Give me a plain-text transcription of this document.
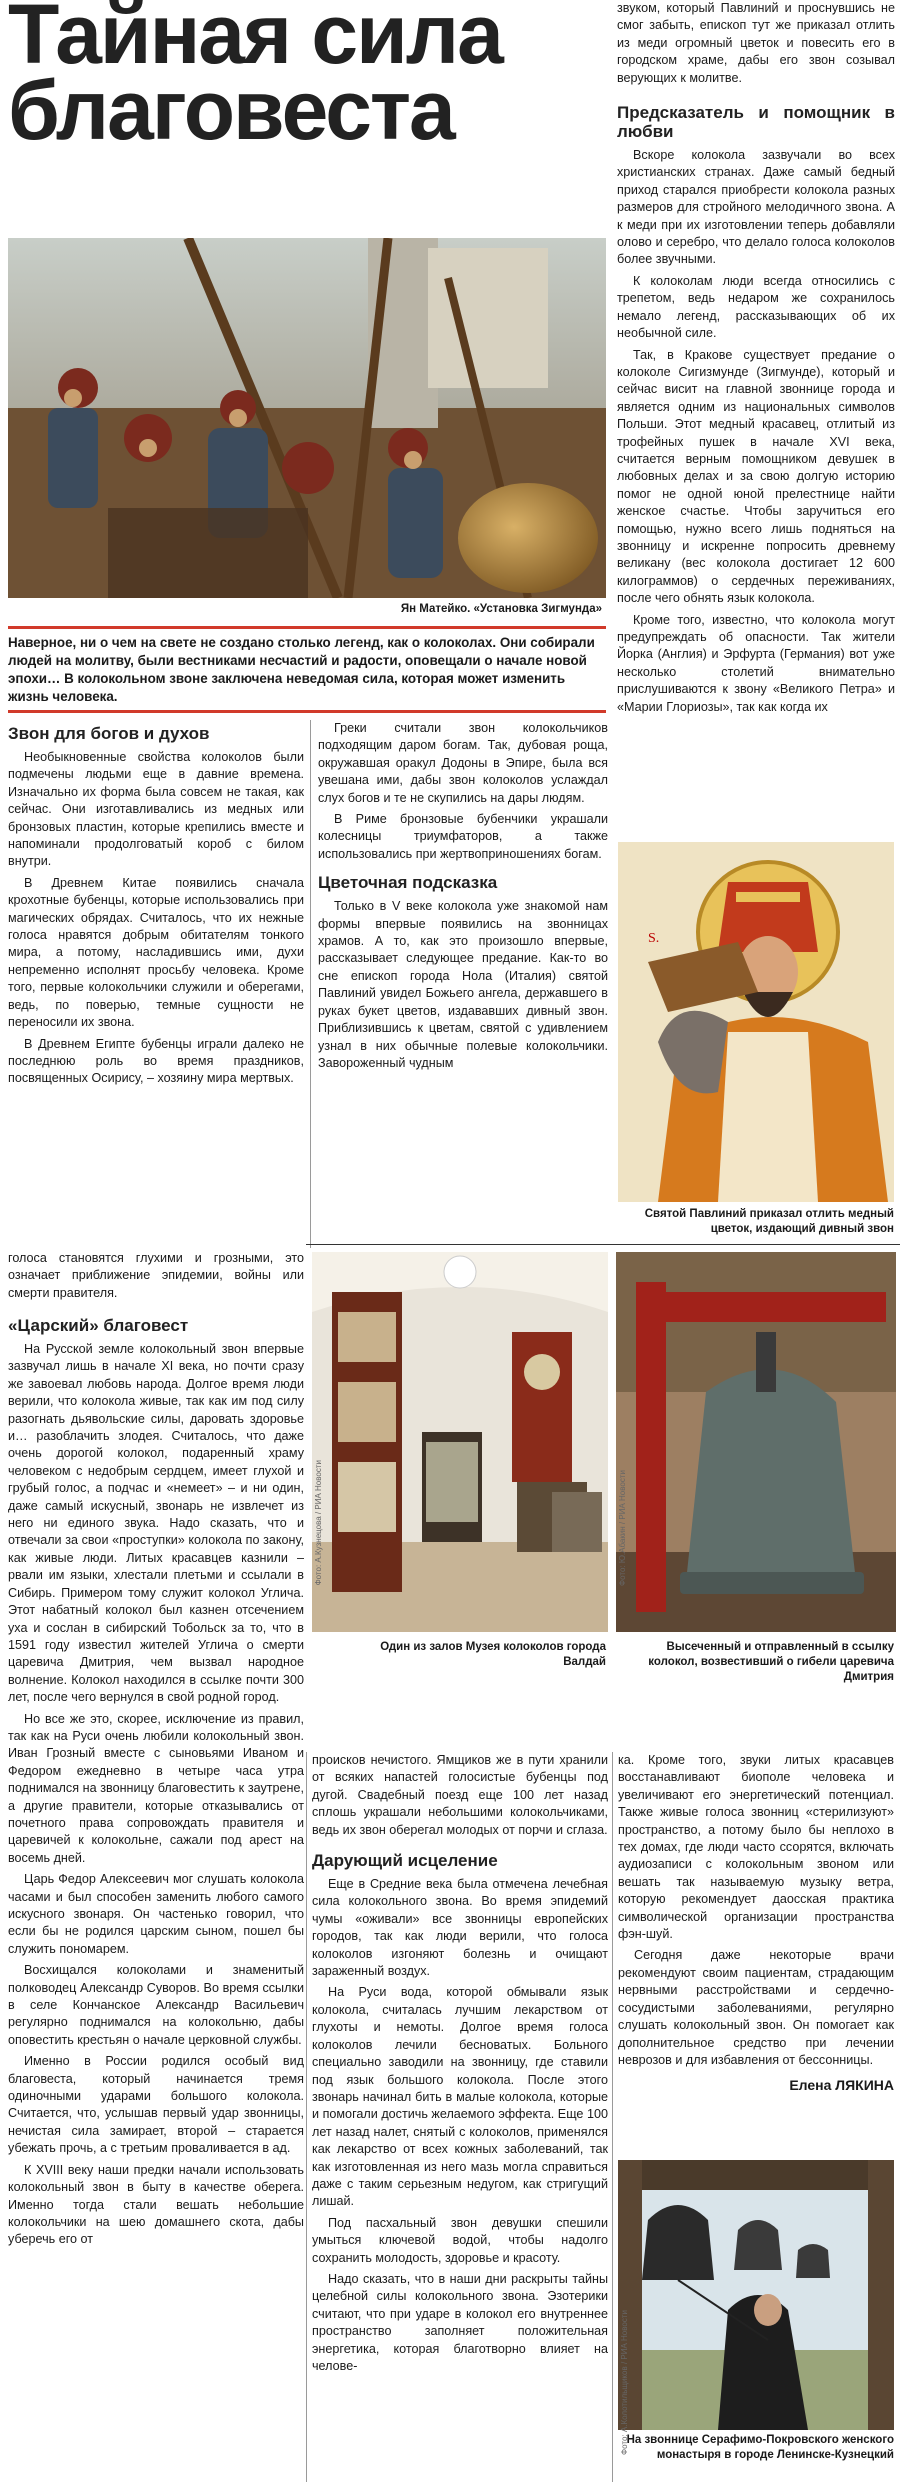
Тайная сила
благовеста

звуком, который Павлиний и проснувшись не смог забыть, епископ тут же приказал отлить из меди огромный цветок и повесить его в городском храме, дабы его звон созывал верующих к молитве.

Предсказатель и помощник в любви

Вскоре колокола зазвучали во всех христианских странах. Даже самый бедный приход старался приобрести колокола разных размеров для стройного мелодичного звона. А к меди при их изготовлении теперь добавляли олово и серебро, что делало голоса колоколов более звучными.

К колоколам люди всегда относились с трепетом, ведь недаром же сохранилось немало легенд, рассказывающих об их необычной силе.

Так, в Кракове существует предание о колоколе Сигизмунде (Зигмунде), который и сейчас висит на главной звоннице города и является одним из национальных символов Польши. Этот медный красавец, отлитый из трофейных пушек в начале XVI века, считается верным помощником девушек в любовных делах и за свою долгую историю помог не одной юной прелестнице найти женское счастье. Чтобы заручиться его помощью, нужно всего лишь подняться на звонницу и искренне попросить древнему великану (вес колокола достигает 12 600 килограммов) о сердечных переживаниях, после чего обнять язык колокола.

Кроме того, известно, что колокола могут предупреждать об опасности. Так жители Йорка (Англия) и Эрфурта (Германия) вот уже несколько столетий внимательно прислушиваются к звону «Великого Петра» и «Марии Глориозы», так как когда их

Ян Матейко. «Установка Зигмунда»
Наверное, ни о чем на свете не создано столько легенд, как о колоколах. Они собирали людей на молитву, были вестниками несчастий и радости, оповещали о начале новой эпохи… В колокольном звоне заключена неведомая сила, которая может изменить жизнь человека.
Звон для богов и духов

Необыкновенные свойства колоколов были подмечены людьми еще в давние времена. Изначально их форма была совсем не такая, как сейчас. Они изготавливались из медных или бронзовых пластин, которые крепились вместе и напоминали продолговатый короб с билом внутри.

В Древнем Китае появились сначала крохотные бубенцы, которые использовались при магических обрядах. Считалось, что их нежные голоса нравятся добрым обитателям тонкого мира, а потому, насладившись ими, духи непременно исполнят просьбу человека. Кроме того, первые колокольчики служили и оберегами, ведь, по поверью, темные сущности не переносили их звона.

В Древнем Египте бубенцы играли далеко не последнюю роль во время праздников, посвященных Осирису, – хозяину мира мертвых.

голоса становятся глухими и грозными, это означает приближение эпидемии, войны или смерти правителя.

Греки считали звон колокольчиков подходящим даром богам. Так, дубовая роща, окружавшая оракул Додоны в Эпире, была вся увешана ими, дабы звон колоколов услаждал слух богов и те не скупились на дары людям.

В Риме бронзовые бубенчики украшали колесницы триумфаторов, а также использовались при жертвоприношениях богам.

Цветочная подсказка

Только в V веке колокола уже знакомой нам формы впервые появились на звонницах храмов. А то, как это произошло впервые, рассказывает следующее предание. Как-то во сне епископ города Нола (Италия) святой Павлиний увидел Божьего ангела, державшего в руках букет цветов, издававших дивный звон. Приблизившись к цветам, святой с удивлением узнал в них обычные полевые колокольчики. Завороженный чудным

S.
Святой Павлиний приказал отлить медный цветок, издающий дивный звон
«Царский» благовест

На Русской земле колокольный звон впервые зазвучал лишь в начале XI века, но почти сразу же завоевал любовь народа. Долгое время люди верили, что колокола живые, так как им под силу разогнать дьявольские силы, даровать здоровье и… разоблачить злодея. Считалось, что даже очень дорогой колокол, подаренный храму человеком с недобрым сердцем, имеет глухой и грубый голос, а подчас и «немеет» – и ни один, даже самый искусный, звонарь не извлечет из него ни единого звука. Надо сказать, что и отвечали за свои «проступки» колокола по закону, как живые люди. Литых красавцев казнили – рвали им языки, хлестали плетьми и ссылали в Сибирь. Примером тому служит колокол Углича. Этот набатный колокол был казнен отсечением уха и сослан в сибирский Тобольск за то, что в 1591 году известил жителей Углича о смерти царевича Дмитрия, чем вызвал народное волнение. Колокол находился в ссылке почти 300 лет, после чего вернулся в свой родной город.

Но все же это, скорее, исключение из правил, так как на Руси очень любили колокольный звон. Иван Грозный вместе с сыновьями Иваном и Федором ежедневно в четыре часа утра поднимался на звонницу благовестить к заутрене, а другие правители, которые отказывались от почетного права сопровождать правителя и царевичей к колокольне, сажали под арест на восемь дней.

Царь Федор Алексеевич мог слушать колокола часами и был способен заменить любого самого искусного звонаря. Он частенько говорил, что если бы не родился царским сыном, пошел бы служить пономарем.

Восхищался колоколами и знаменитый полководец Александр Суворов. Во время ссылки в селе Кончанское Александр Васильевич регулярно поднимался на колокольню, дабы оповестить крестьян о начале церковной службы.

Именно в России родился особый вид благовеста, который начинается тремя одиночными ударами большого колокола. Считается, что, услышав первый удар звонницы, нечистая сила замирает, второй – старается убежать прочь, а с третьим проваливается в ад.

К XVIII веку наши предки начали использовать колокольный звон в быту в качестве оберега. Именно тогда стали вешать небольшие колокольчики на шею домашнего скота, дабы уберечь его от

Фото: А.Кузнецова / РИА Новости
Один из залов Музея колоколов города Валдай
Фото: Ю.Абакин / РИА Новости
Высеченный и отправленный в ссылку колокол, возвестивший о гибели царевича Дмитрия

происков нечистого. Ямщиков же в пути хранили от всяких напастей голосистые бубенцы под дугой. Свадебный поезд еще 100 лет назад сплошь украшали небольшими колокольчиками, ведь их звон оберегал молодых от порчи и сглаза.

Дарующий исцеление

Еще в Средние века была отмечена лечебная сила колокольного звона. Во время эпидемий чумы «оживали» все звонницы европейских городов, так как люди верили, что голоса колоколов изгоняют болезнь и очищают зараженный воздух.

На Руси вода, которой обмывали язык колокола, считалась лучшим лекарством от глухоты и немоты. Долгое время голоса колоколов лечили бесноватых. Больного специально заводили на звонницу, где ставили под язык большого колокола. После этого звонарь начинал бить в малые колокола, которые и помогали достичь желаемого эффекта. Еще 100 лет назад налет, снятый с колоколов, применялся как лекарство от всех кожных заболеваний, так как изготовленная из него мазь могла справиться даже с таким серьезным недугом, как стригущий лишай.

Под пасхальный звон девушки спешили умыться ключевой водой, чтобы надолго сохранить молодость, здоровье и красоту.

Надо сказать, что в наши дни раскрыты тайны целебной силы колокольного звона. Эзотерики считают, что при ударе в колокол его внутреннее пространство заполняет положительная энергетика, которая благотворно влияет на челове-

ка. Кроме того, звуки литых красавцев восстанавливают биополе человека и увеличивают его энергетический потенциал. Также живые голоса звонниц «стерилизуют» пространство, а потому было бы неплохо в тех домах, где люди часто ссорятся, включать аудиозаписи с колокольным звоном или вешать так называемую музыку ветра, которую рекомендует даосская практика символической организации пространства фэн-шуй.

Сегодня даже некоторые врачи рекомендуют своим пациентам, страдающим нервными расстройствами и сердечно-сосудистыми заболеваниями, регулярно слушать колокольный звон. Он помогает как дополнительное средство при лечении неврозов и для избавления от бессонницы.

Елена ЛЯКИНА
Фото: А.Колотильщиков / РИА Новости
На звоннице Серафимо-Покровского женского монастыря в городе Ленинске-Кузнецкий
